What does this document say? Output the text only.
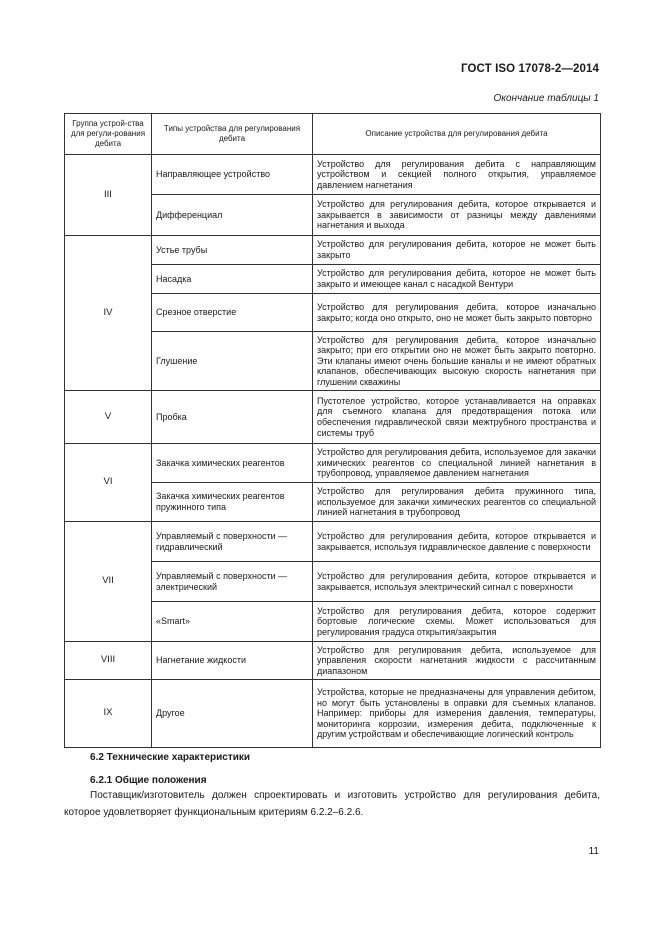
ГОСТ ISO 17078-2—2014
Окончание таблицы 1
Группа устрой-ства для регули-рования дебита	Типы устройства для регулирования дебита	Описание устройства для регулирования дебита
III	Направляющее устройство	Устройство для регулирования дебита с направляющим устройством и секцией полного открытия, управляемое давлением нагнетания
	Дифференциал	Устройство для регулирования дебита, которое открывается и закрывается в зависимости от разницы между давлениями нагнетания и выхода
IV	Устье трубы	Устройство для регулирования дебита, которое не может быть закрыто
	Насадка	Устройство для регулирования дебита, которое не может быть закрыто и имеющее канал с насадкой Вентури
	Срезное отверстие	Устройство для регулирования дебита, которое изначально закрыто; когда оно открыто, оно не может быть закрыто повторно
	Глушение	Устройство для регулирования дебита, которое изначально закрыто; при его открытии оно не может быть закрыто повторно. Эти клапаны имеют очень большие каналы и не имеют обратных клапанов, обеспечивающих высокую скорость нагнетания при глушении скважины
V	Пробка	Пустотелое устройство, которое устанавливается на оправках для съемного клапана для предотвращения потока или обеспечения гидравлической связи межтрубного пространства и системы труб
VI	Закачка химических реагентов	Устройство для регулирования дебита, используемое для закачки химических реагентов со специальной линией нагнетания в трубопровод, управляемое давлением нагнетания
	Закачка химических реагентов пружинного типа	Устройство для регулирования дебита пружинного типа, используемое для закачки химических реагентов со специальной линией нагнетания в трубопровод
VII	Управляемый с поверхности — гидравлический	Устройство для регулирования дебита, которое открывается и закрывается, используя гидравлическое давление с поверхности
	Управляемый с поверхности — электрический	Устройство для регулирования дебита, которое открывается и закрывается, используя электрический сигнал с поверхности
	«Smart»	Устройство для регулирования дебита, которое содержит бортовые логические схемы. Может использоваться для регулирования градуса открытия/закрытия
VIII	Нагнетание жидкости	Устройство для регулирования дебита, используемое для управления скорости нагнетания жидкости с рассчитанным диапазоном
IX	Другое	Устройства, которые не предназначены для управления дебитом, но могут быть установлены в оправки для съемных клапанов. Например: приборы для измерения давления, температуры, мониторинга коррозии, измерения дебита, подключенные к другим устройствам и обеспечивающие логический контроль
6.2 Технические характеристики
6.2.1 Общие положения
Поставщик/изготовитель должен спроектировать и изготовить устройство для регулирования дебита, которое удовлетворяет функциональным критериям 6.2.2–6.2.6.
11
